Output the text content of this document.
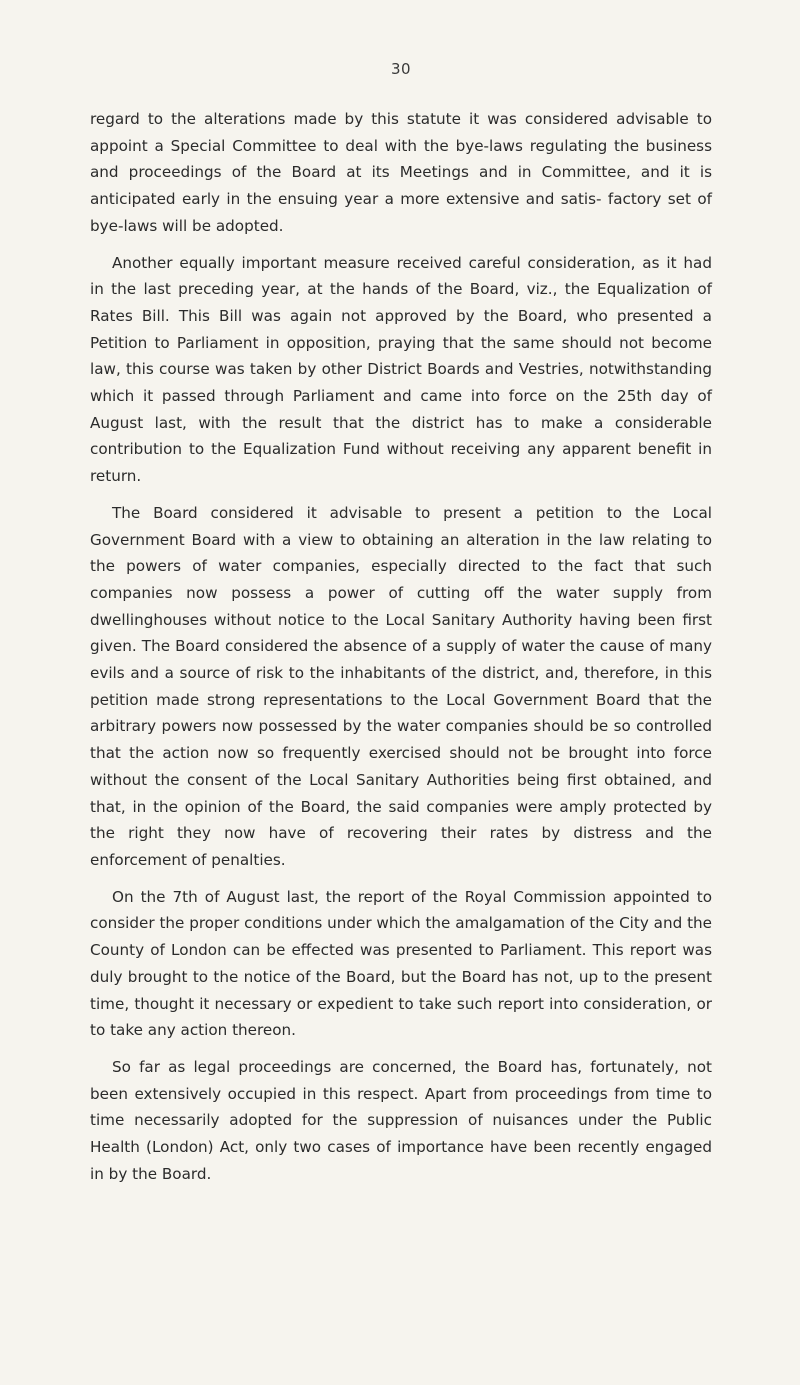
30

regard to the alterations made by this statute it was considered advisable to appoint a Special Committee to deal with the bye-laws regulating the business and proceedings of the Board at its Meetings and in Committee, and it is anticipated early in the ensuing year a more extensive and satis- factory set of bye-laws will be adopted.

Another equally important measure received careful consideration, as it had in the last preceding year, at the hands of the Board, viz., the Equalization of Rates Bill. This Bill was again not approved by the Board, who presented a Petition to Parliament in opposition, praying that the same should not become law, this course was taken by other District Boards and Vestries, notwithstanding which it passed through Parliament and came into force on the 25th day of August last, with the result that the district has to make a considerable contribution to the Equalization Fund without receiving any apparent benefit in return.

The Board considered it advisable to present a petition to the Local Government Board with a view to obtaining an alteration in the law relating to the powers of water companies, especially directed to the fact that such companies now possess a power of cutting off the water supply from dwellinghouses without notice to the Local Sanitary Authority having been first given. The Board considered the absence of a supply of water the cause of many evils and a source of risk to the inhabitants of the district, and, therefore, in this petition made strong representations to the Local Government Board that the arbitrary powers now possessed by the water companies should be so controlled that the action now so frequently exercised should not be brought into force without the consent of the Local Sanitary Authorities being first obtained, and that, in the opinion of the Board, the said companies were amply protected by the right they now have of recovering their rates by distress and the enforcement of penalties.

On the 7th of August last, the report of the Royal Commission appointed to consider the proper conditions under which the amalgamation of the City and the County of London can be effected was presented to Parliament. This report was duly brought to the notice of the Board, but the Board has not, up to the present time, thought it necessary or expedient to take such report into consideration, or to take any action thereon.

So far as legal proceedings are concerned, the Board has, fortunately, not been extensively occupied in this respect. Apart from proceedings from time to time necessarily adopted for the suppression of nuisances under the Public Health (London) Act, only two cases of importance have been recently engaged in by the Board.
